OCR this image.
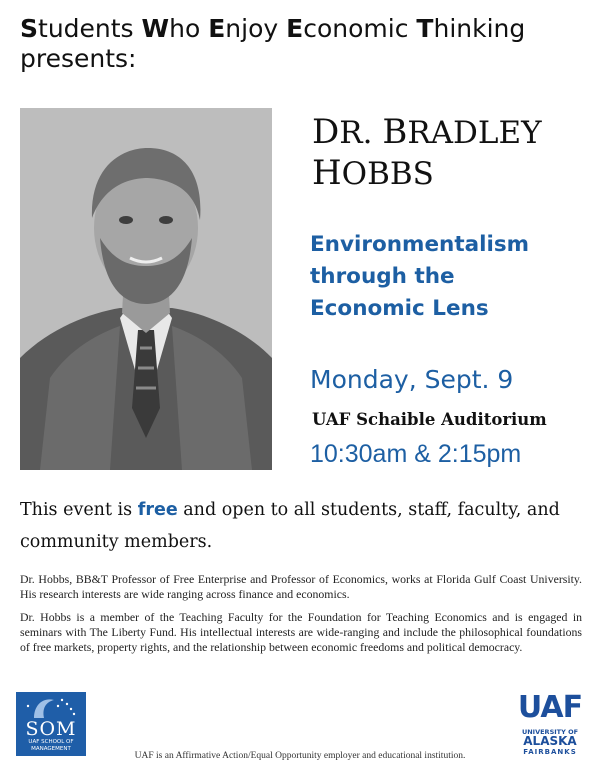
Students Who Enjoy Economic Thinking
presents:
DR. BRADLEY
HOBBS
Environmentalism
through the
Economic Lens
Monday, Sept. 9
UAF Schaible Auditorium
10:30am & 2:15pm
This event is free and open to all students, staff, faculty, and community members.
Dr. Hobbs, BB&T Professor of Free Enterprise and Professor of Economics, works at Florida Gulf Coast University. His research interests are wide ranging across finance and economics.
Dr. Hobbs is a member of the Teaching Faculty for the Foundation for Teaching Economics and is engaged in seminars with The Liberty Fund. His intellectual interests are wide-ranging and include the philosophical foundations of free markets, property rights, and the relationship between economic freedoms and political democracy.
SOM
UAF SCHOOL OF
MANAGEMENT
UAF
UNIVERSITY OF
ALASKA
FAIRBANKS
UAF is an Affirmative Action/Equal Opportunity employer and educational institution.
